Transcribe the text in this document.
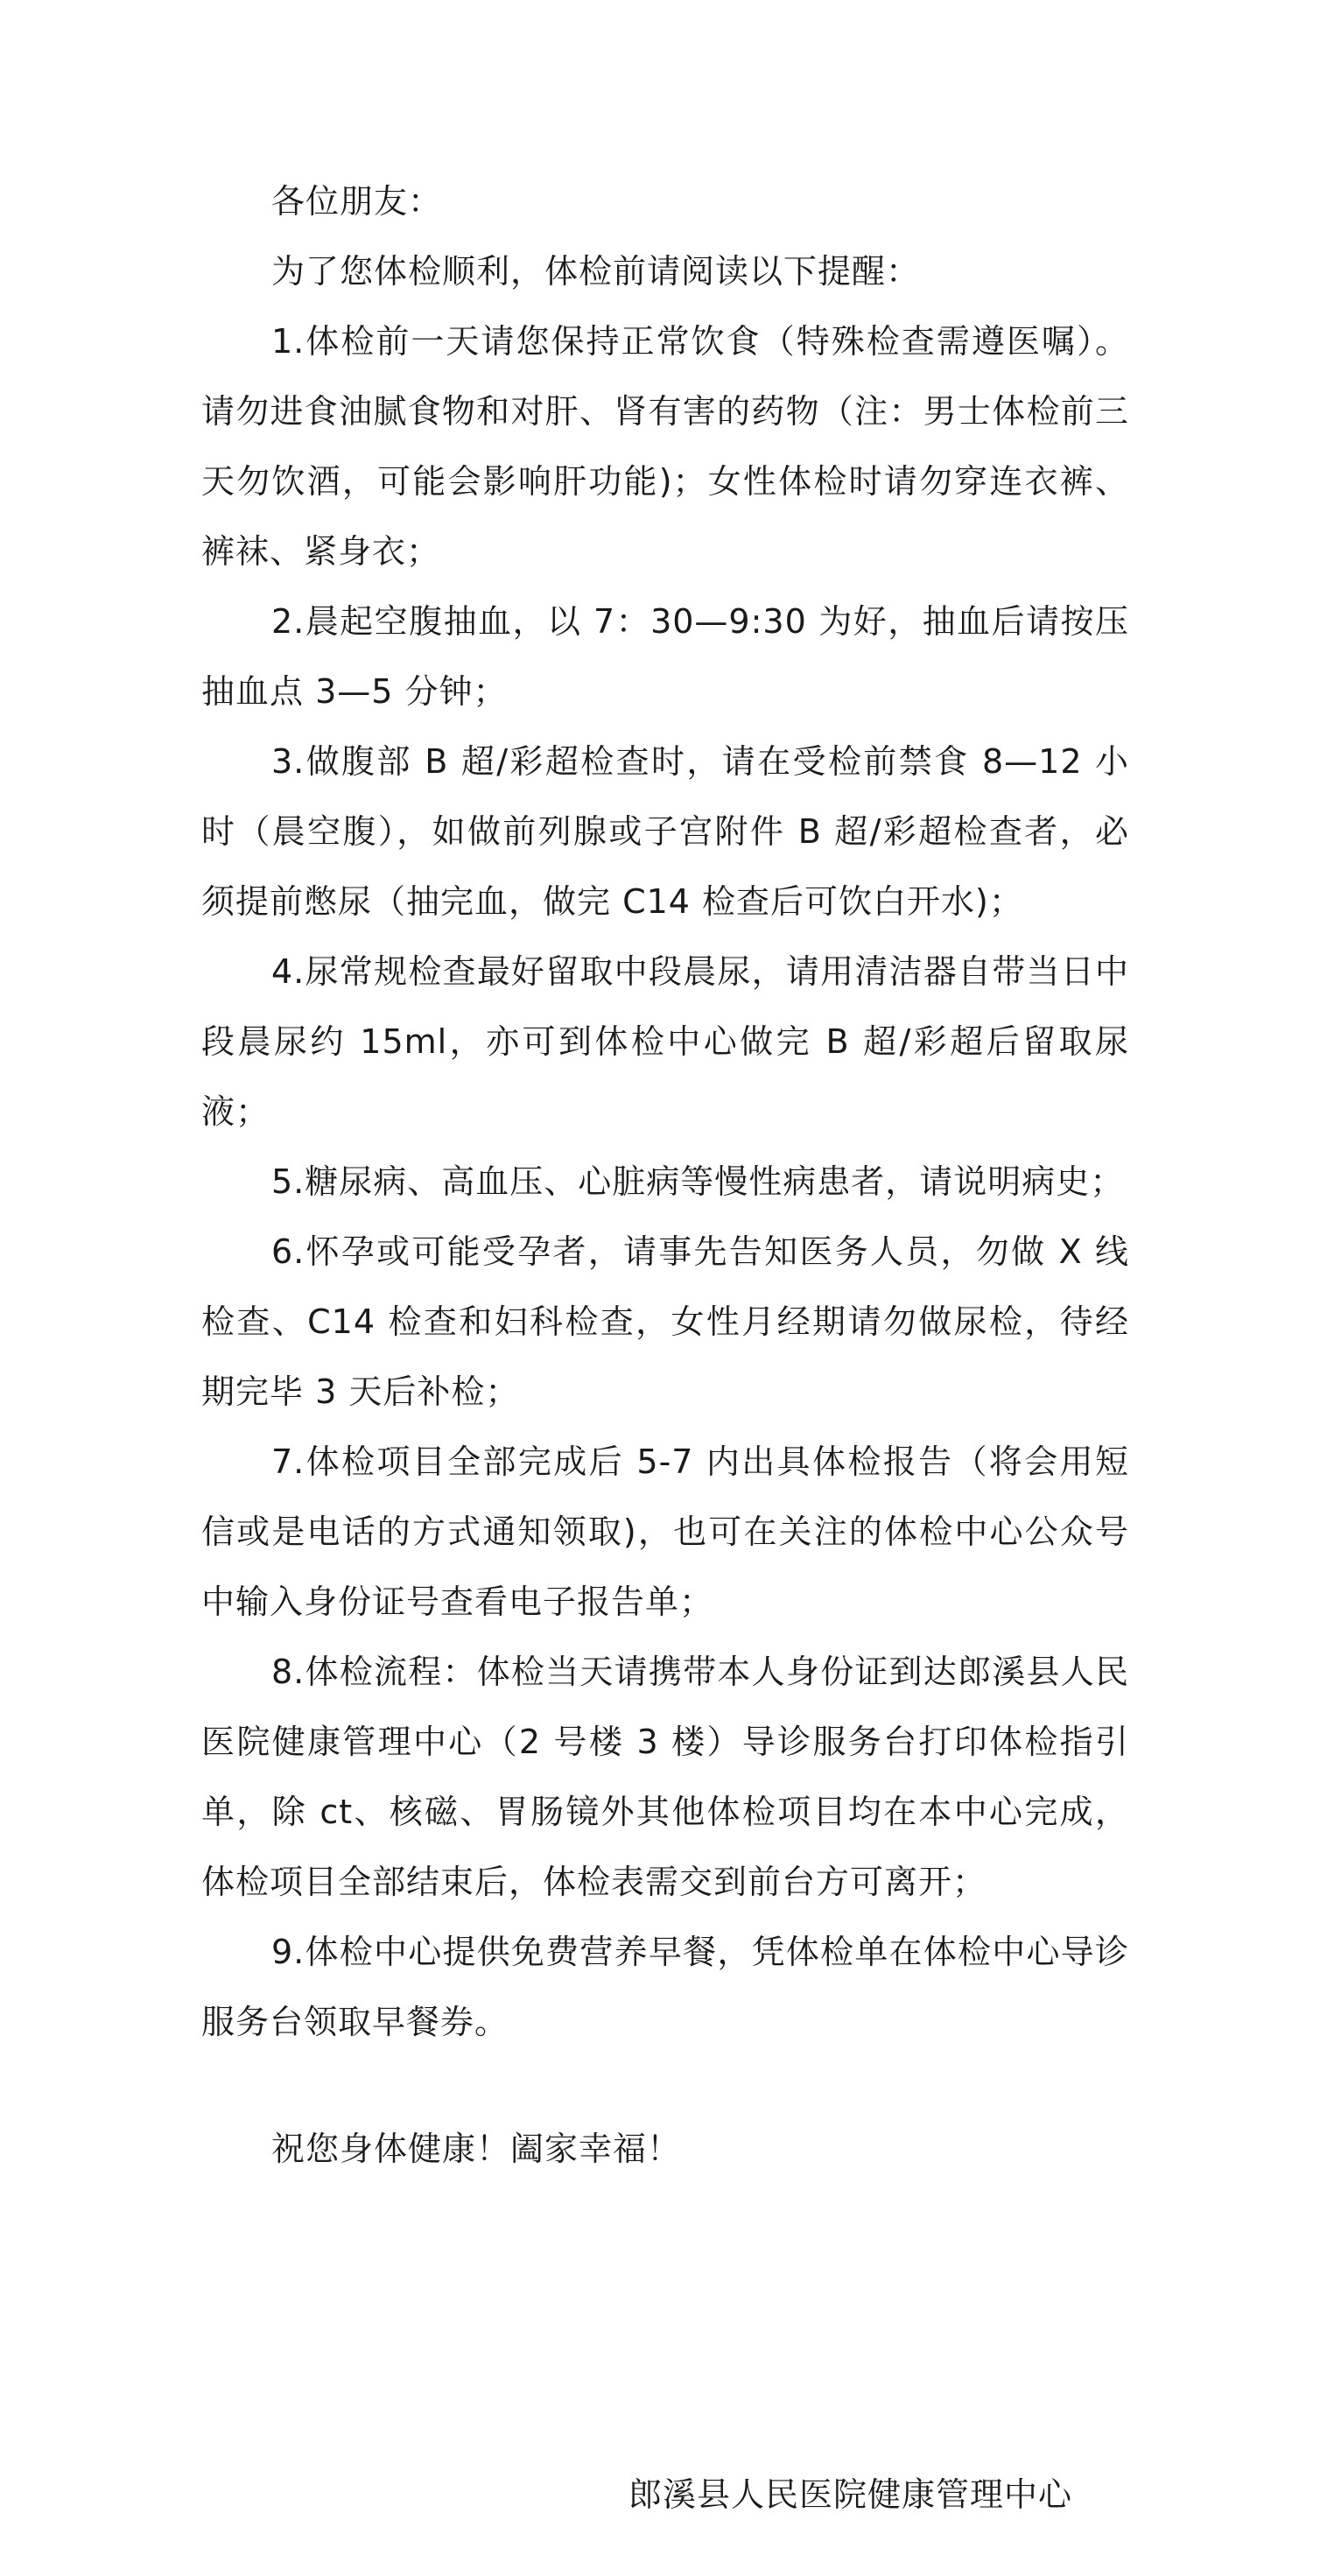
各位朋友：

为了您体检顺利，体检前请阅读以下提醒：

1.体检前一天请您保持正常饮食（特殊检查需遵医嘱）。请勿进食油腻食物和对肝、肾有害的药物（注：男士体检前三天勿饮酒，可能会影响肝功能)；女性体检时请勿穿连衣裤、裤袜、紧身衣；

2.晨起空腹抽血，以 7：30—9:30 为好，抽血后请按压抽血点 3—5 分钟；

3.做腹部 B 超/彩超检查时，请在受检前禁食 8—12 小时（晨空腹），如做前列腺或子宫附件 B 超/彩超检查者，必须提前憋尿（抽完血，做完 C14 检查后可饮白开水)；

4.尿常规检查最好留取中段晨尿，请用清洁器自带当日中段晨尿约 15ml，亦可到体检中心做完 B 超/彩超后留取尿液；

5.糖尿病、高血压、心脏病等慢性病患者，请说明病史；

6.怀孕或可能受孕者，请事先告知医务人员，勿做 X 线检查、C14 检查和妇科检查，女性月经期请勿做尿检，待经期完毕 3 天后补检；

7.体检项目全部完成后 5-7 内出具体检报告（将会用短信或是电话的方式通知领取)，也可在关注的体检中心公众号中输入身份证号查看电子报告单；

8.体检流程：体检当天请携带本人身份证到达郎溪县人民医院健康管理中心（2 号楼 3 楼）导诊服务台打印体检指引单，除 ct、核磁、胃肠镜外其他体检项目均在本中心完成，体检项目全部结束后，体检表需交到前台方可离开；

9.体检中心提供免费营养早餐，凭体检单在体检中心导诊服务台领取早餐券。

祝您身体健康！阖家幸福！

郎溪县人民医院健康管理中心
